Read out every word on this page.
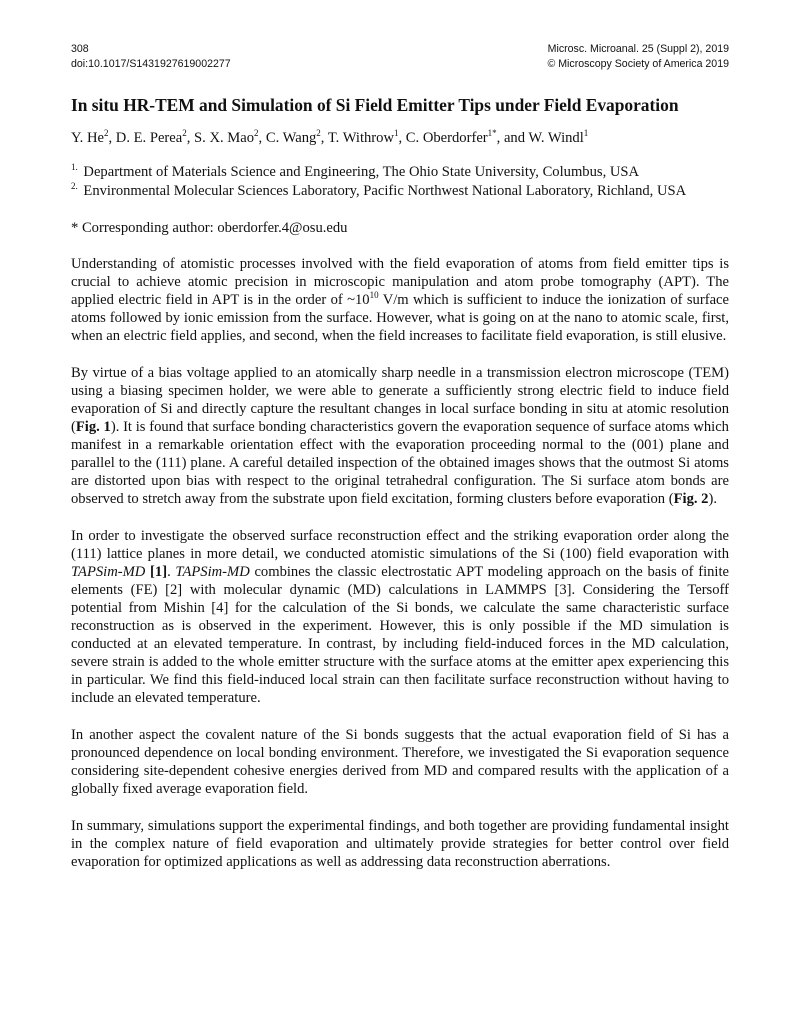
308
doi:10.1017/S1431927619002277
Microsc. Microanal. 25 (Suppl 2), 2019
© Microscopy Society of America 2019
In situ HR-TEM and Simulation of Si Field Emitter Tips under Field Evaporation
Y. He$^2$, D. E. Perea$^2$, S. X. Mao$^2$, C. Wang$^2$, T. Withrow$^1$, C. Oberdorfer$^{1*}$, and W. Windl$^1$
$^{1.}$ Department of Materials Science and Engineering, The Ohio State University, Columbus, USA
$^{2.}$ Environmental Molecular Sciences Laboratory, Pacific Northwest National Laboratory, Richland, USA
* Corresponding author: oberdorfer.4@osu.edu

Understanding of atomistic processes involved with the field evaporation of atoms from field emitter tips is crucial to achieve atomic precision in microscopic manipulation and atom probe tomography (APT). The applied electric field in APT is in the order of $\sim 10^{10}$ V/m which is sufficient to induce the ionization of surface atoms followed by ionic emission from the surface. However, what is going on at the nano to atomic scale, first, when an electric field applies, and second, when the field increases to facilitate field evaporation, is still elusive.

By virtue of a bias voltage applied to an atomically sharp needle in a transmission electron microscope (TEM) using a biasing specimen holder, we were able to generate a sufficiently strong electric field to induce field evaporation of Si and directly capture the resultant changes in local surface bonding in situ at atomic resolution (Fig. 1). It is found that surface bonding characteristics govern the evaporation sequence of surface atoms which manifest in a remarkable orientation effect with the evaporation proceeding normal to the (001) plane and parallel to the (111) plane. A careful detailed inspection of the obtained images shows that the outmost Si atoms are distorted upon bias with respect to the original tetrahedral configuration. The Si surface atom bonds are observed to stretch away from the substrate upon field excitation, forming clusters before evaporation (Fig. 2).

In order to investigate the observed surface reconstruction effect and the striking evaporation order along the (111) lattice planes in more detail, we conducted atomistic simulations of the Si (100) field evaporation with TAPSim-MD [1]. TAPSim-MD combines the classic electrostatic APT modeling approach on the basis of finite elements (FE) [2] with molecular dynamic (MD) calculations in LAMMPS [3]. Considering the Tersoff potential from Mishin [4] for the calculation of the Si bonds, we calculate the same characteristic surface reconstruction as is observed in the experiment. However, this is only possible if the MD simulation is conducted at an elevated temperature. In contrast, by including field-induced forces in the MD calculation, severe strain is added to the whole emitter structure with the surface atoms at the emitter apex experiencing this in particular. We find this field-induced local strain can then facilitate surface reconstruction without having to include an elevated temperature.

In another aspect the covalent nature of the Si bonds suggests that the actual evaporation field of Si has a pronounced dependence on local bonding environment. Therefore, we investigated the Si evaporation sequence considering site-dependent cohesive energies derived from MD and compared results with the application of a globally fixed average evaporation field.

In summary, simulations support the experimental findings, and both together are providing fundamental insight in the complex nature of field evaporation and ultimately provide strategies for better control over field evaporation for optimized applications as well as addressing data reconstruction aberrations.
